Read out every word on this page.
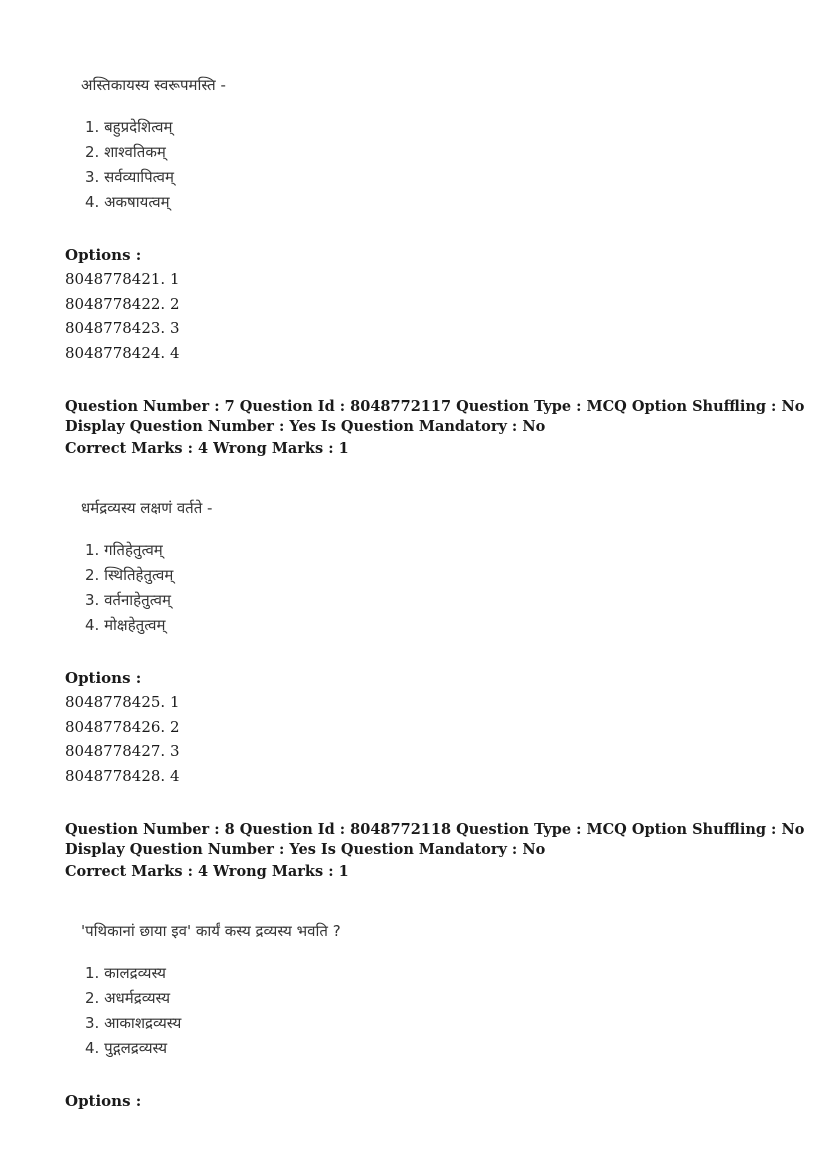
अस्तिकायस्य स्वरूपमस्ति -
1. बहुप्रदेशित्वम्
2. शाश्वतिकम्
3. सर्वव्यापित्वम्
4. अकषायत्वम्
Options :
8048778421. 1
8048778422. 2
8048778423. 3
8048778424. 4
Question Number : 7 Question Id : 8048772117 Question Type : MCQ Option Shuffling : No
Display Question Number : Yes Is Question Mandatory : No
Correct Marks : 4 Wrong Marks : 1
धर्मद्रव्यस्य लक्षणं वर्तते -
1. गतिहेतुत्वम्
2. स्थितिहेतुत्वम्
3. वर्तनाहेतुत्वम्
4. मोक्षहेतुत्वम्
Options :
8048778425. 1
8048778426. 2
8048778427. 3
8048778428. 4
Question Number : 8 Question Id : 8048772118 Question Type : MCQ Option Shuffling : No
Display Question Number : Yes Is Question Mandatory : No
Correct Marks : 4 Wrong Marks : 1
'पथिकानां छाया इव' कार्यं कस्य द्रव्यस्य भवति ?
1. कालद्रव्यस्य
2. अधर्मद्रव्यस्य
3. आकाशद्रव्यस्य
4. पुद्गलद्रव्यस्य
Options :
